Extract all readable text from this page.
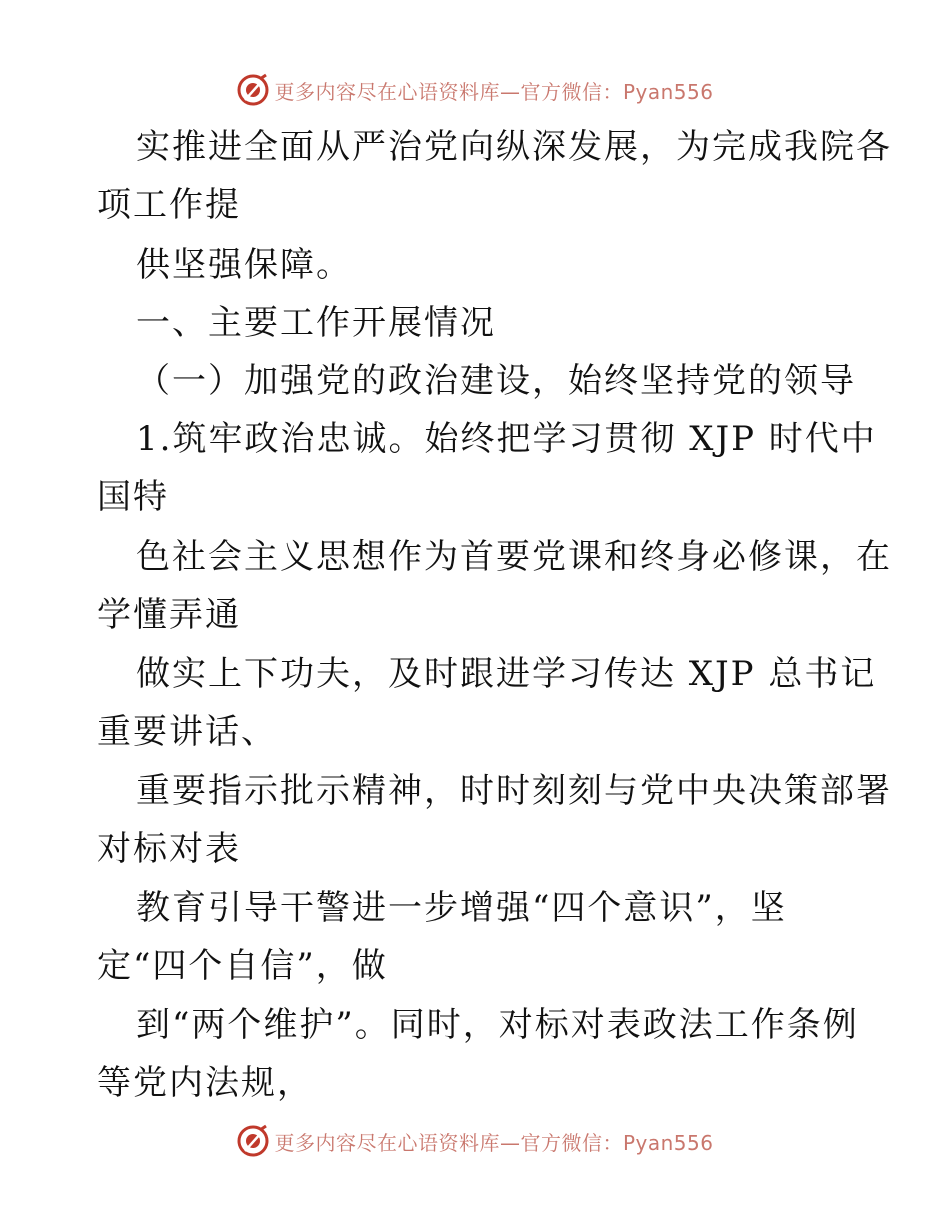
更多内容尽在心语资料库—官方微信：Pyan556
实推进全面从严治党向纵深发展，为完成我院各
项工作提
供坚强保障。
一、主要工作开展情况
（一）加强党的政治建设，始终坚持党的领导
1.筑牢政治忠诚。始终把学习贯彻 XJP 时代中
国特
色社会主义思想作为首要党课和终身必修课，在
学懂弄通
做实上下功夫，及时跟进学习传达 XJP 总书记
重要讲话、
重要指示批示精神，时时刻刻与党中央决策部署
对标对表
教育引导干警进一步增强“四个意识”，坚
定“四个自信”，做
到“两个维护”。同时，对标对表政法工作条例
等党内法规，
更多内容尽在心语资料库—官方微信：Pyan556
